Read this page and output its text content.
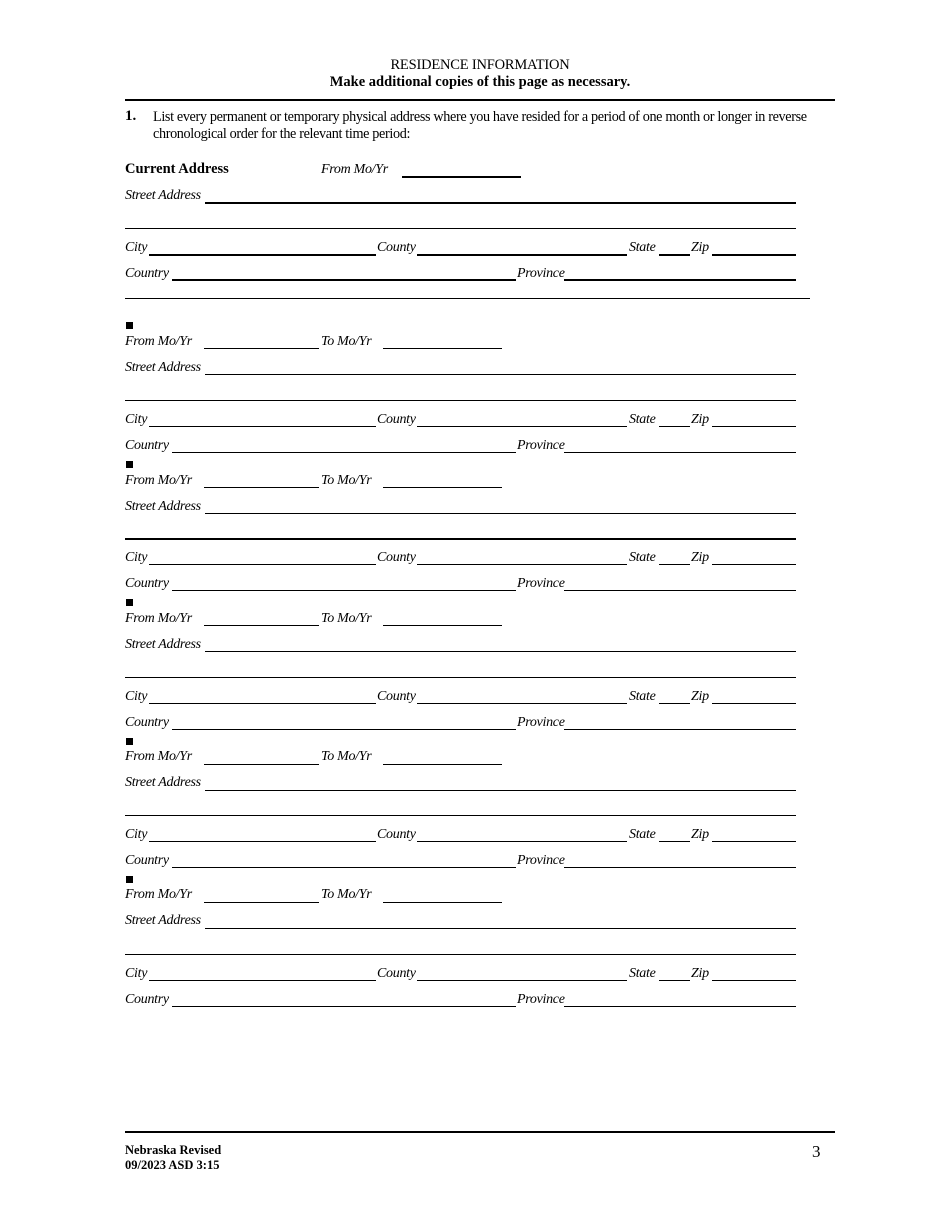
RESIDENCE INFORMATION
Make additional copies of this page as necessary.
1. List every permanent or temporary physical address where you have resided for a period of one month or longer in reverse chronological order for the relevant time period:
Current Address	From Mo/Yr
Street Address
City	County	State	Zip
Country	Province
From Mo/Yr	To Mo/Yr
Street Address
City	County	State	Zip
Country	Province
From Mo/Yr	To Mo/Yr
Street Address
City	County	State	Zip
Country	Province
From Mo/Yr	To Mo/Yr
Street Address
City	County	State	Zip
Country	Province
From Mo/Yr	To Mo/Yr
Street Address
City	County	State	Zip
Country	Province
From Mo/Yr	To Mo/Yr
Street Address
City	County	State	Zip
Country	Province
Nebraska Revised
09/2023 ASD 3:15
3
